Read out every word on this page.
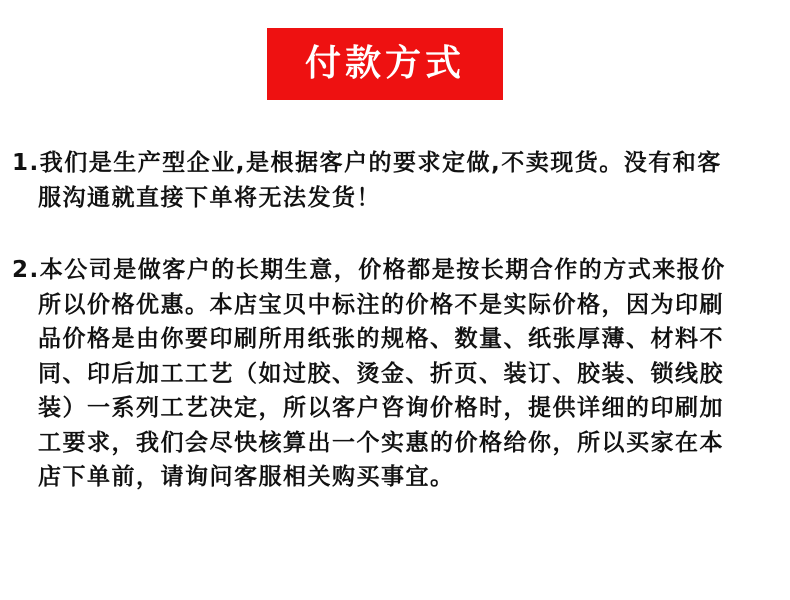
付款方式
1.我们是生产型企业,是根据客户的要求定做,不卖现货。没有和客
服沟通就直接下单将无法发货！
2.本公司是做客户的长期生意，价格都是按长期合作的方式来报价
所以价格优惠。本店宝贝中标注的价格不是实际价格，因为印刷
品价格是由你要印刷所用纸张的规格、数量、纸张厚薄、材料不
同、印后加工工艺（如过胶、烫金、折页、装订、胶装、锁线胶
装）一系列工艺决定，所以客户咨询价格时，提供详细的印刷加
工要求，我们会尽快核算出一个实惠的价格给你，所以买家在本
店下单前，请询问客服相关购买事宜。
